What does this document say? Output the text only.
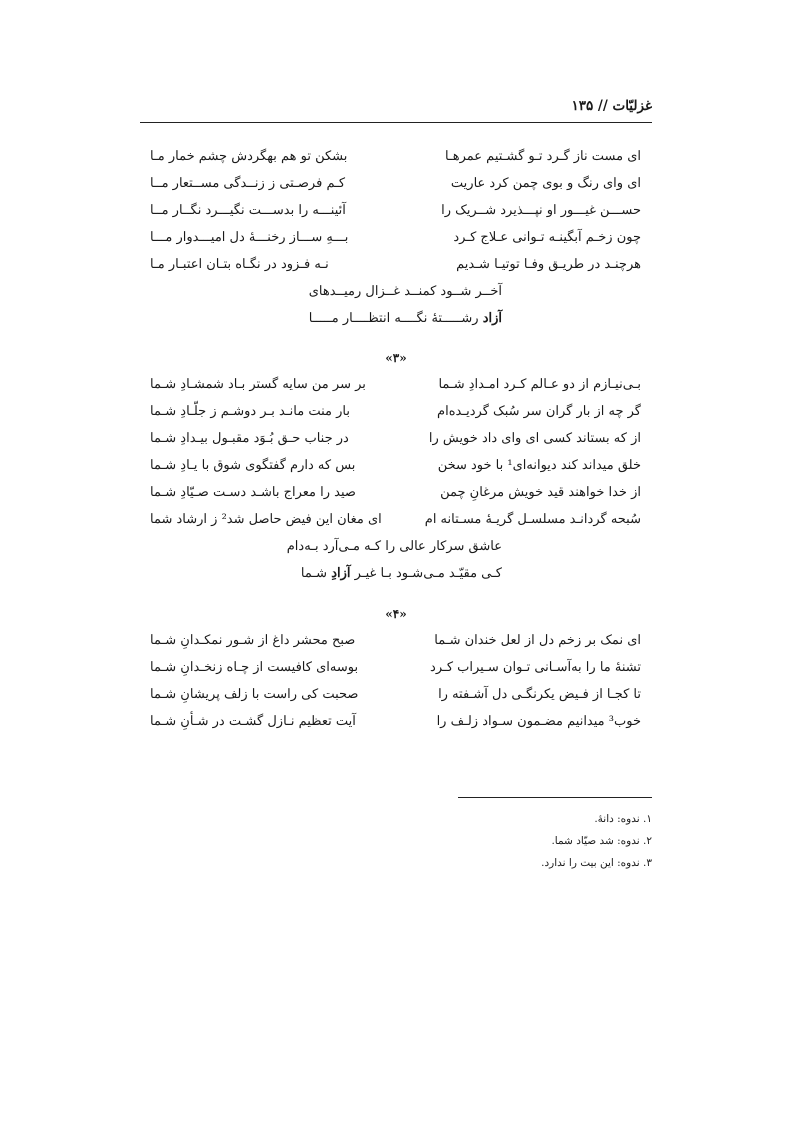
غزلیّات // ۱۳۵
ای مست ناز گـرد تـو گشـتیم عمرهـا
بشکن تو هم بهگردش چشم خمار مـا
ای وای رنگ و بوی چمن کرد عاریت
کـم فرصـتی ز زنــدگی مســتعار مــا
حســـن غیـــور او نپـــذیرد شــریک را
آئینـــه را بدســـت نگیـــرد نگــار مــا
چون زخـم آبگینـه تـوانی عـلاج کـرد
بـــهِ ســـاز رخنـــهٔ دل امیـــدوار مـــا
هرچنـد در طریـق وفـا توتیـا شـدیم
نـه فـزود در نگـاه بتـان اعتبـار مـا
آخــر شــود کمنــد غــزال رمیــدهای
آزاد رشـــــتهٔ نگــــه انتظــــار مـــــا
«۳»
بـی‌نیـازم از دو عـالم کـرد امـدادِ شـما
بر سر من سایه گستر بـاد شمشـادِ شـما
گر چه از بار گران سر سُبک گردیـده‌ام
بار منت مانـد بـر دوشـم ز جلّـادِ شـما
از که بستاند کسی ای وای داد خویش را
در جناب حـق بُـوَد مقبـول بیـدادِ شـما
خلق میداند کند دیوانه‌ای¹ با خود سخن
بس که دارم گفتگوی شوق با یـادِ شـما
از خدا خواهند قید خویش مرغانِ چمن
صید را معراج باشـد دسـت صـیّادِ شـما
سُبحه گردانـد مسلسـل گریـهٔ مسـتانه ام
ای مغان این فیض حاصل شد² ز ارشاد شما
عاشق سرکار عالی را کـه مـی‌آرد بـه‌دام
کـی مقیّـد مـی‌شـود بـا غیـر آزادِ شـما
«۴»
ای نمک بر زخم دل از لعل خندان شـما
صبح محشر داغ از شـور نمکـدانِ شـما
تشنهٔ ما را به‌آسـانی تـوان سـیراب کـرد
بوسه‌ای کافیست از چـاه زنخـدانِ شـما
تا کجـا از فـیض یکرنگـی دل آشـفته را
صحبت کی راست با زلف پریشانِ شـما
خوب³ میدانیم مضـمون سـواد زلـف را
آیت تعظیم نـازل گشـت در شـأنِ شـما
۱. ندوه: دانهٔ.
۲. ندوه: شد صیّاد شما.
۳. ندوه: این بیت را ندارد.
